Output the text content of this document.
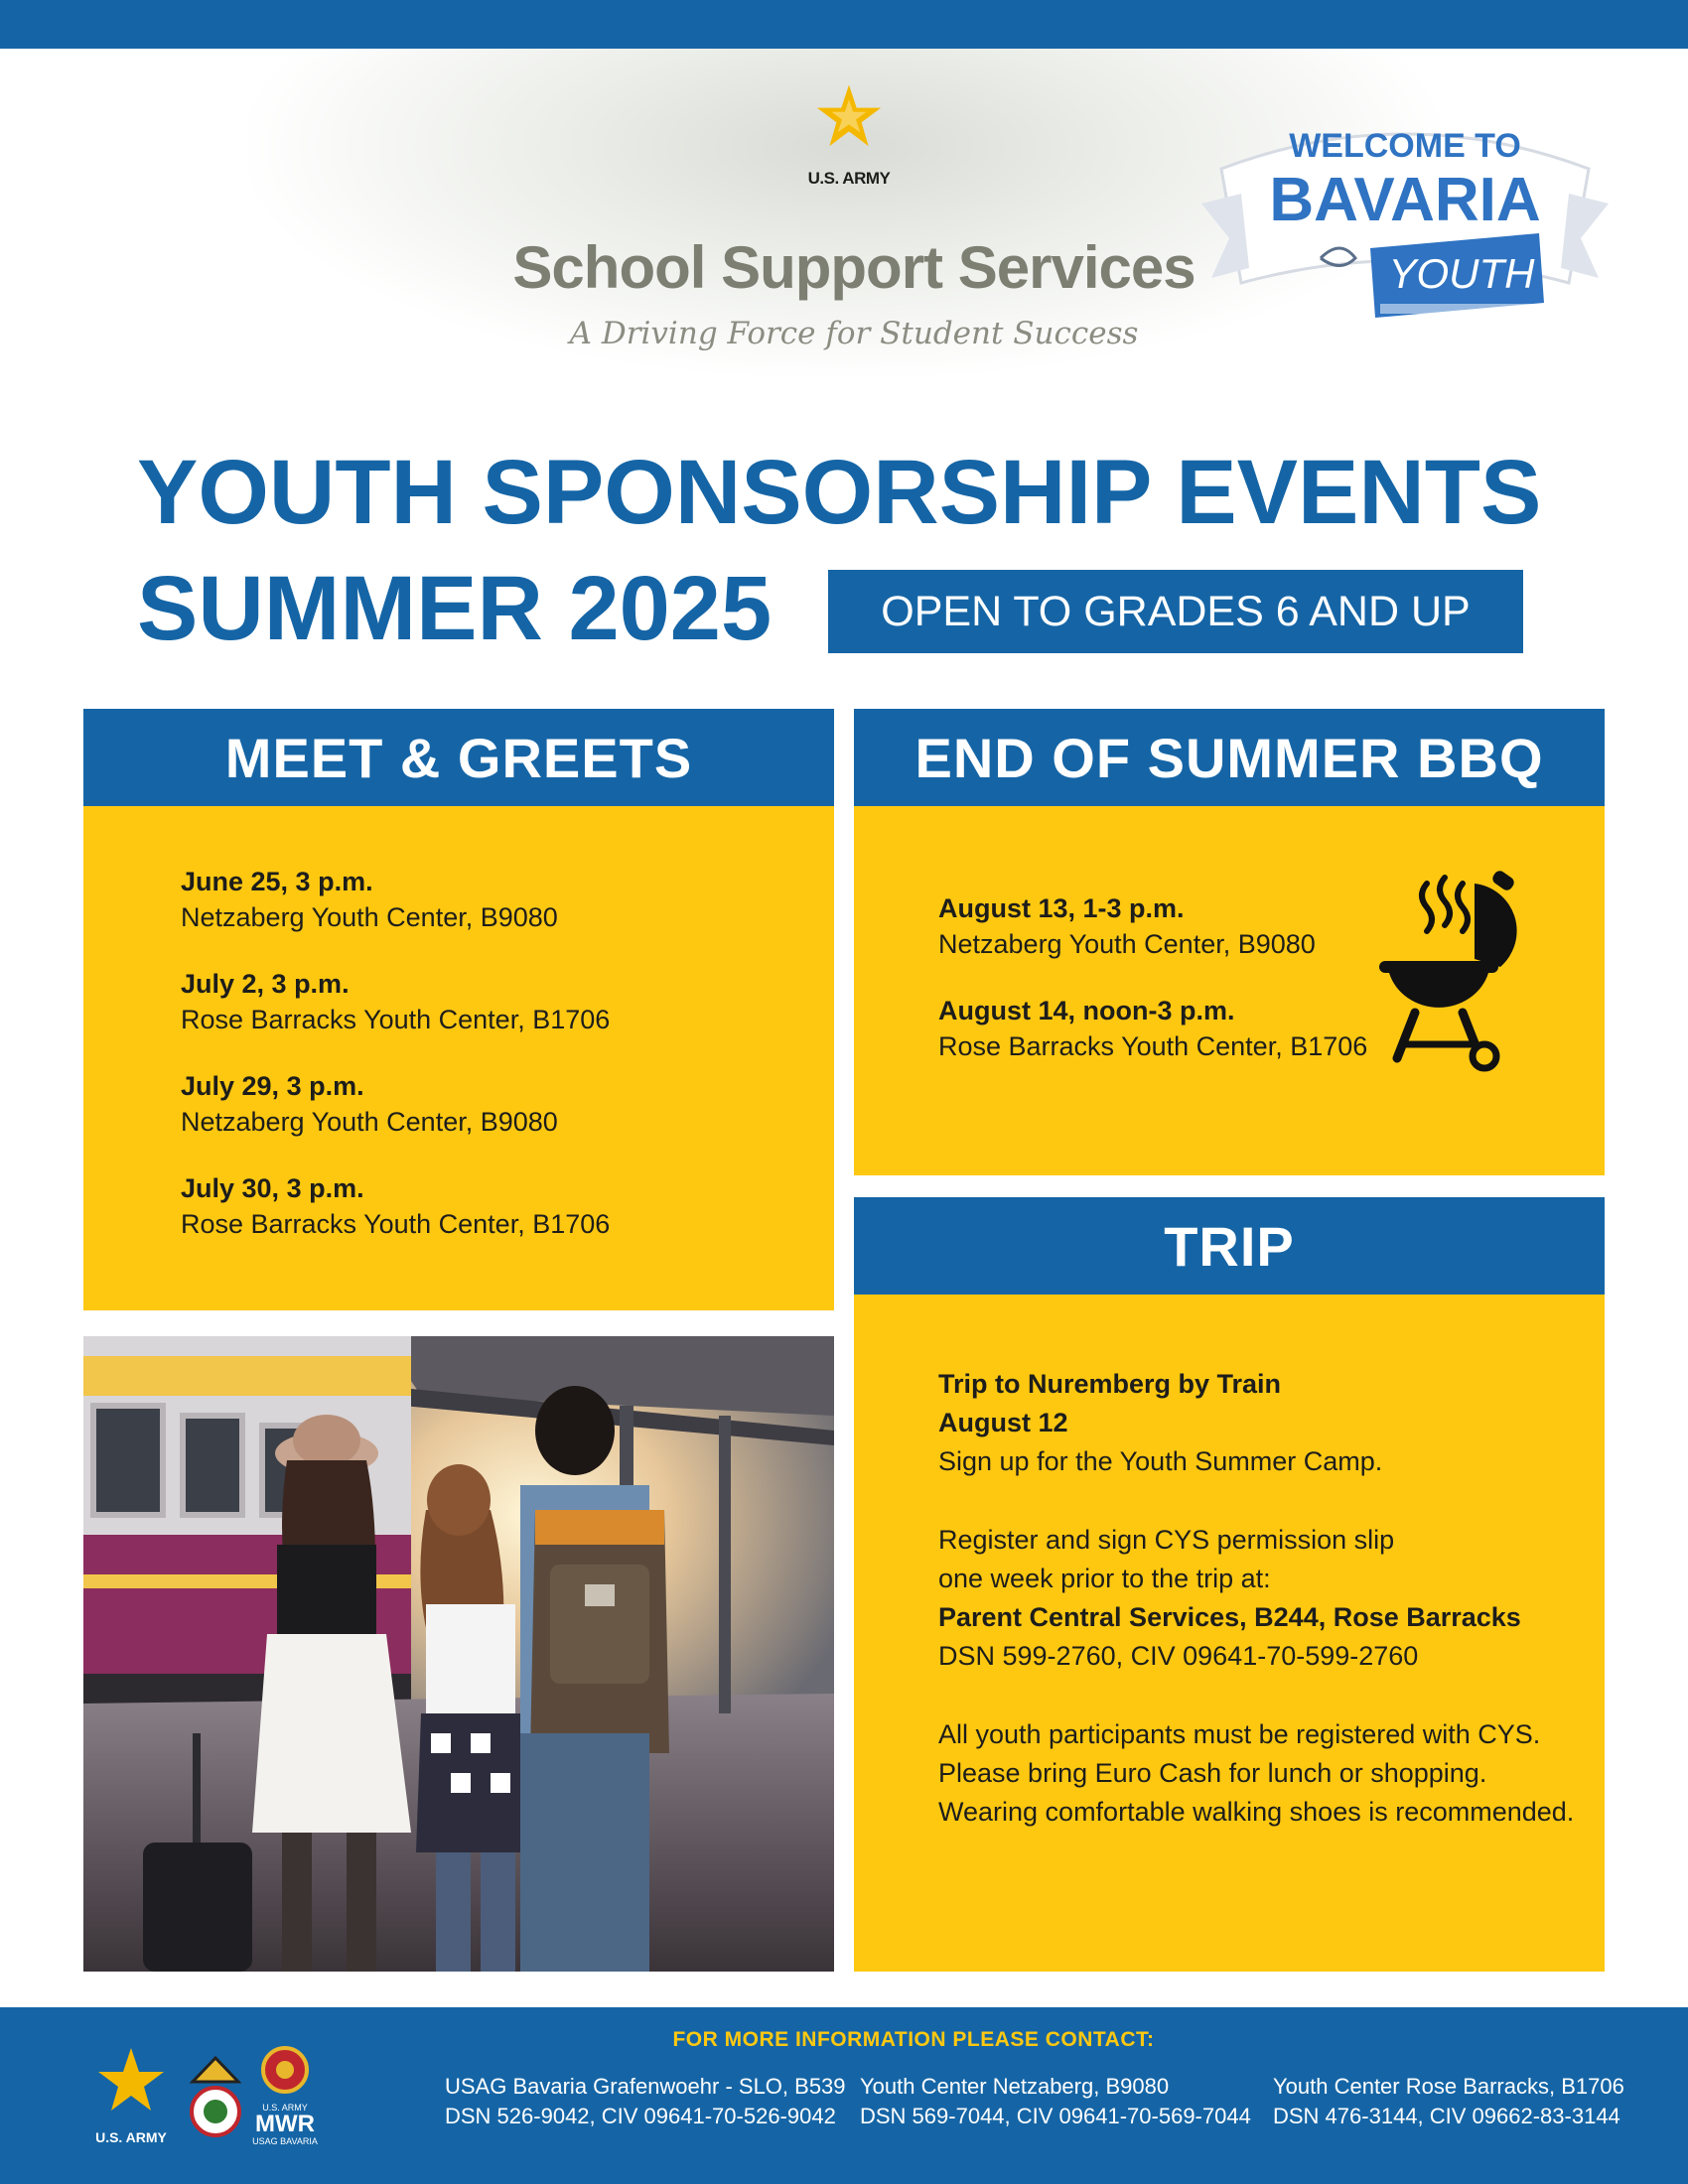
U.S. ARMY
School Support Services
A Driving Force for Student Success
WELCOME TO
BAVARIA
YOUTH
YOUTH SPONSORSHIP EVENTS
SUMMER 2025	OPEN TO GRADES 6 AND UP
MEET & GREETS
June 25, 3 p.m.
Netzaberg Youth Center, B9080
July 2, 3 p.m.
Rose Barracks Youth Center, B1706
July 29, 3 p.m.
Netzaberg Youth Center, B9080
July 30, 3 p.m.
Rose Barracks Youth Center, B1706
END OF SUMMER BBQ
August 13, 1-3 p.m.
Netzaberg Youth Center, B9080
August 14, noon-3 p.m.
Rose Barracks Youth Center, B1706
TRIP
Trip to Nuremberg by Train
August 12
Sign up for the Youth Summer Camp.
Register and sign CYS permission slip
one week prior to the trip at:
Parent Central Services, B244, Rose Barracks
DSN 599-2760, CIV 09641-70-599-2760
All youth participants must be registered with CYS.
Please bring Euro Cash for lunch or shopping.
Wearing comfortable walking shoes is recommended.
FOR MORE INFORMATION PLEASE CONTACT:
U.S. ARMY
U.S. ARMY
MWR
USAG BAVARIA
USAG Bavaria Grafenwoehr - SLO, B539
DSN 526-9042, CIV 09641-70-526-9042
Youth Center Netzaberg, B9080
DSN 569-7044, CIV 09641-70-569-7044
Youth Center Rose Barracks, B1706
DSN 476-3144, CIV 09662-83-3144
